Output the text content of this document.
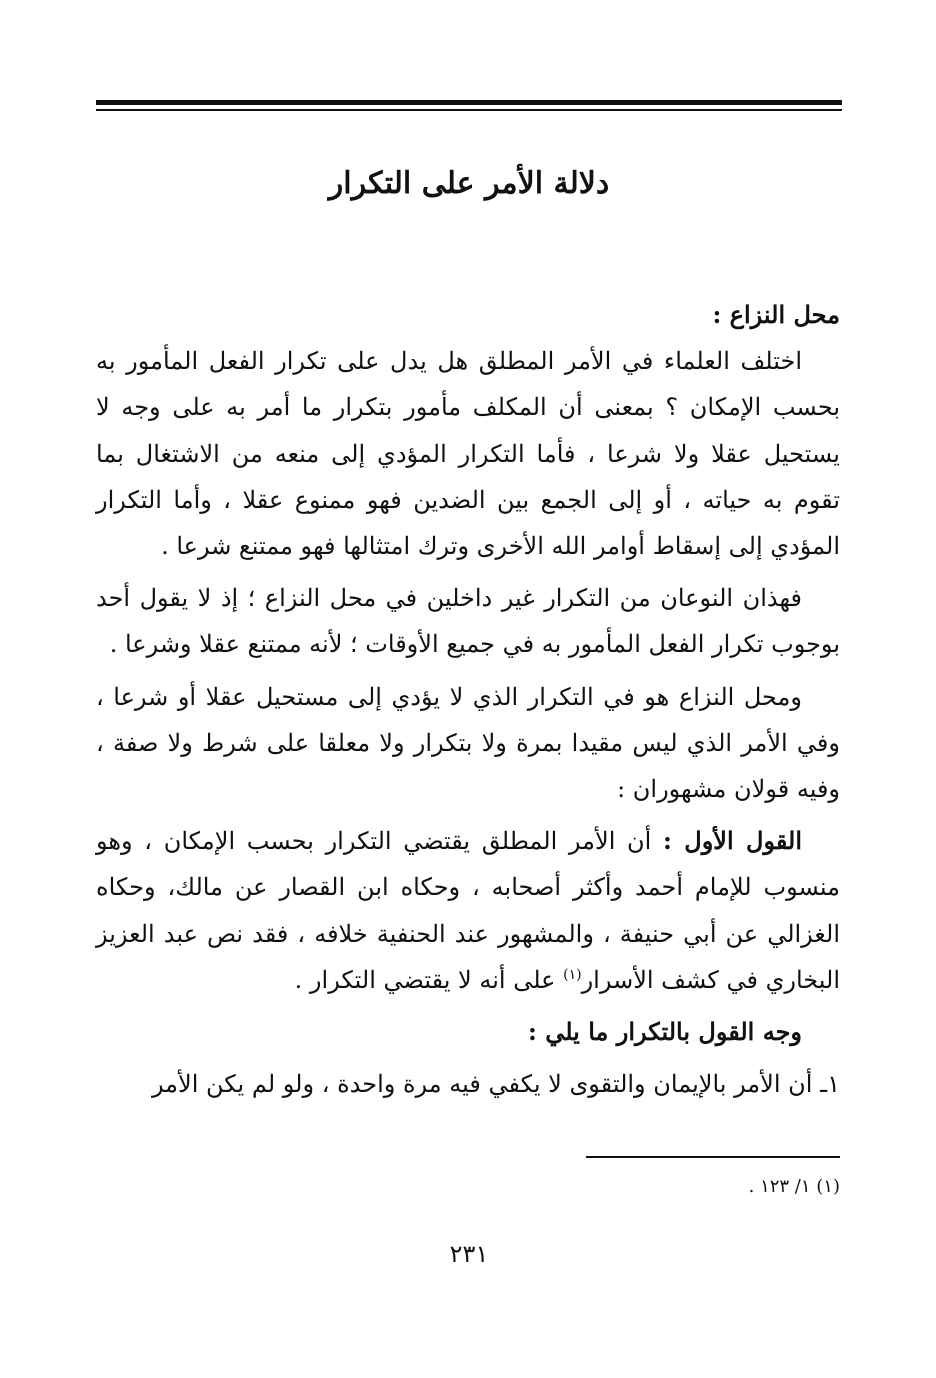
دلالة الأمر على التكرار

محل النزاع :

اختلف العلماء في الأمر المطلق هل يدل على تكرار الفعل المأمور به بحسب الإمكان ؟ بمعنى أن المكلف مأمور بتكرار ما أمر به على وجه لا يستحيل عقلا ولا شرعا ، فأما التكرار المؤدي إلى منعه من الاشتغال بما تقوم به حياته ، أو إلى الجمع بين الضدين فهو ممنوع عقلا ، وأما التكرار المؤدي إلى إسقاط أوامر الله الأخرى وترك امتثالها فهو ممتنع شرعا .

فهذان النوعان من التكرار غير داخلين في محل النزاع ؛ إذ لا يقول أحد بوجوب تكرار الفعل المأمور به في جميع الأوقات ؛ لأنه ممتنع عقلا وشرعا .

ومحل النزاع هو في التكرار الذي لا يؤدي إلى مستحيل عقلا أو شرعا ، وفي الأمر الذي ليس مقيدا بمرة ولا بتكرار ولا معلقا على شرط ولا صفة ، وفيه قولان مشهوران :

القول الأول : أن الأمر المطلق يقتضي التكرار بحسب الإمكان ، وهو منسوب للإمام أحمد وأكثر أصحابه ، وحكاه ابن القصار عن مالك، وحكاه الغزالي عن أبي حنيفة ، والمشهور عند الحنفية خلافه ، فقد نص عبد العزيز البخاري في كشف الأسرار$^{(١)}$ على أنه لا يقتضي التكرار .

وجه القول بالتكرار ما يلي :

١ـ أن الأمر بالإيمان والتقوى لا يكفي فيه مرة واحدة ، ولو لم يكن الأمر

(١) ١/ ١٢٣ .
٢٣١
